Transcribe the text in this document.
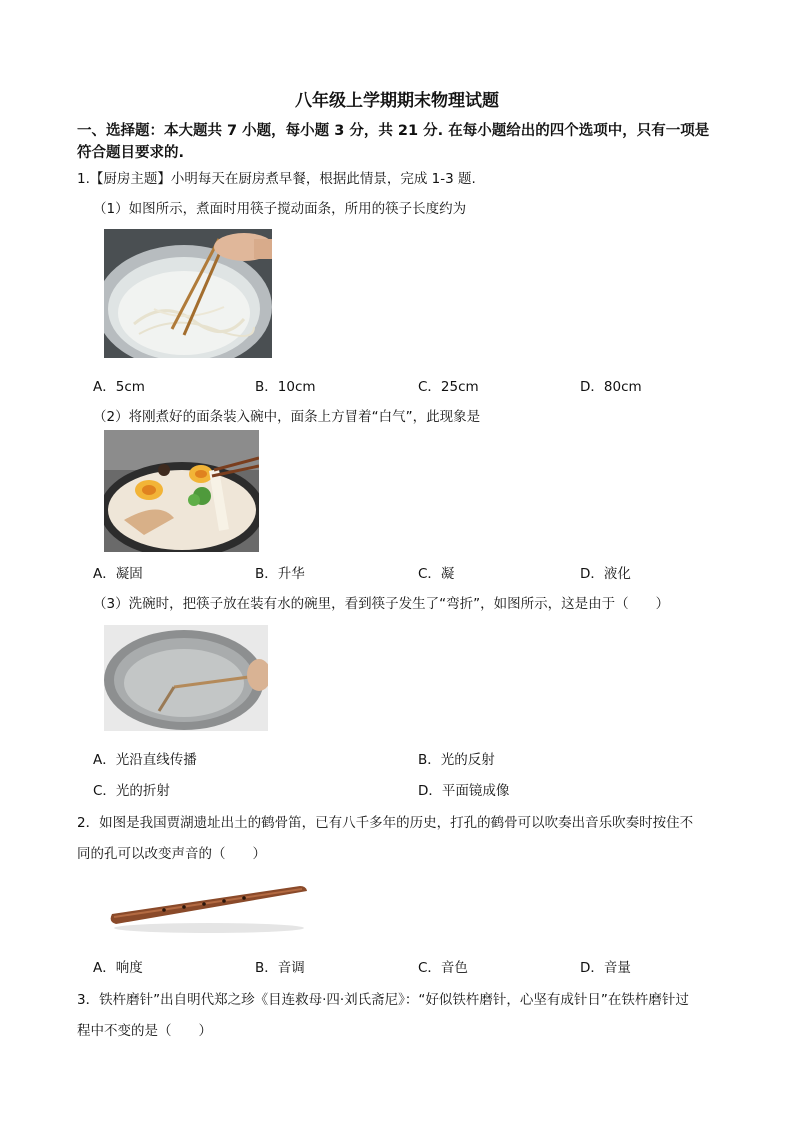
八年级上学期期末物理试题
一、选择题：本大题共 7 小题，每小题 3 分，共 21 分. 在每小题给出的四个选项中，只有一项是
符合题目要求的.
1.【厨房主题】小明每天在厨房煮早餐，根据此情景，完成 1-3 题.
（1）如图所示，煮面时用筷子搅动面条，所用的筷子长度约为
A．5cm	B．10cm	C．25cm	D．80cm
（2）将刚煮好的面条装入碗中，面条上方冒着“白气”，此现象是
A．凝固	B．升华	C．凝	D．液化
（3）洗碗时，把筷子放在装有水的碗里，看到筷子发生了“弯折”，如图所示，这是由于（　　）
A．光沿直线传播	B．光的反射
C．光的折射	D．平面镜成像
2．如图是我国贾湖遗址出土的鹤骨笛，已有八千多年的历史，打孔的鹤骨可以吹奏出音乐吹奏时按住不
同的孔可以改变声音的（　　）
A．响度	B．音调	C．音色	D．音量
3．铁杵磨针”出自明代郑之珍《目连救母·四·刘氏斋尼》：“好似铁杵磨针，心坚有成针日”在铁杵磨针过
程中不变的是（　　）
